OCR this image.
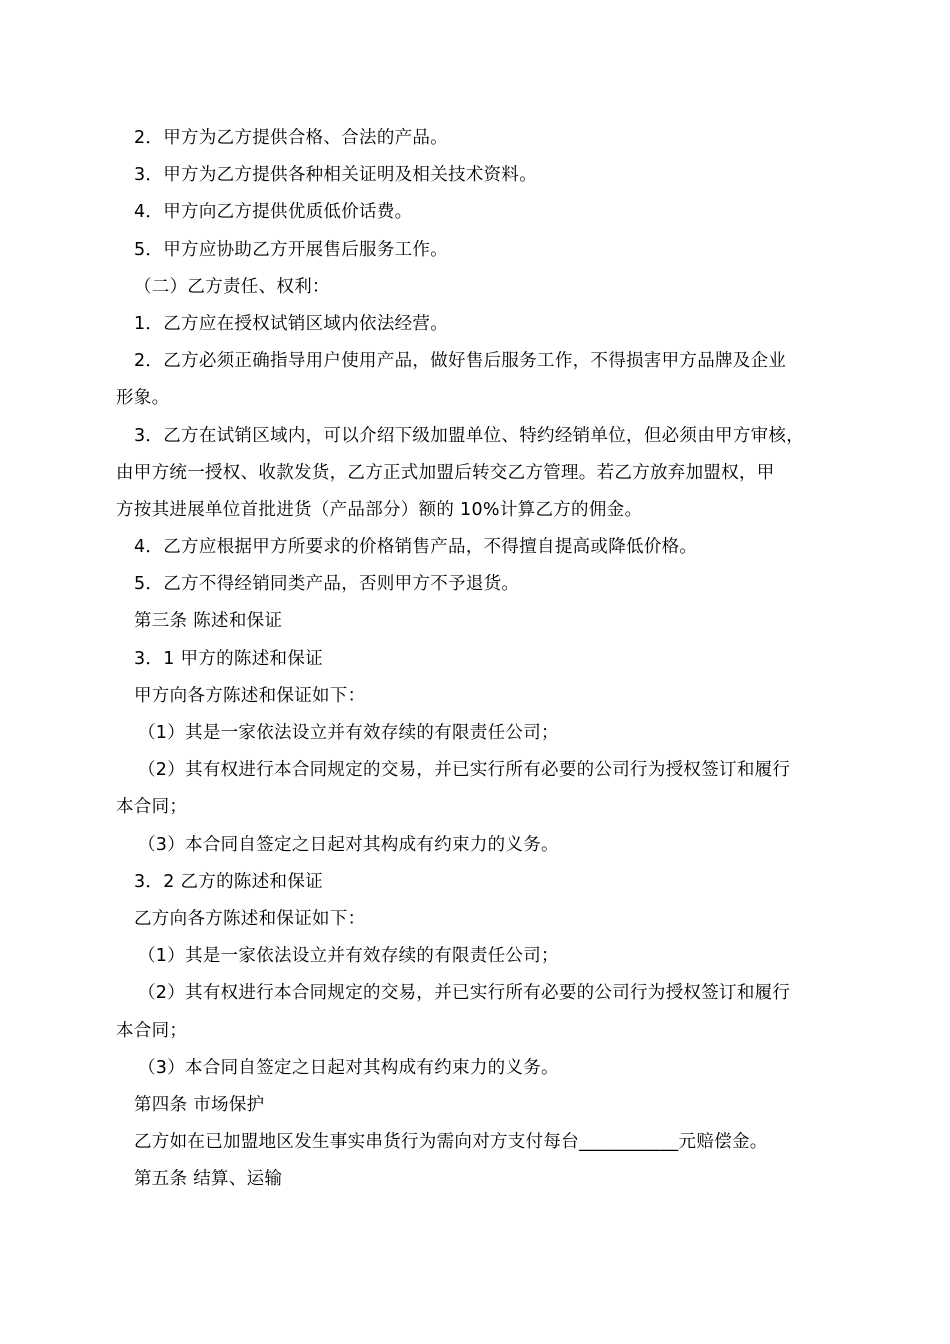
2．甲方为乙方提供合格、合法的产品。
3．甲方为乙方提供各种相关证明及相关技术资料。
4．甲方向乙方提供优质低价话费。
5．甲方应协助乙方开展售后服务工作。
（二）乙方责任、权利：
1．乙方应在授权试销区域内依法经营。
2．乙方必须正确指导用户使用产品，做好售后服务工作，不得损害甲方品牌及企业
形象。
3．乙方在试销区域内，可以介绍下级加盟单位、特约经销单位，但必须由甲方审核，
由甲方统一授权、收款发货，乙方正式加盟后转交乙方管理。若乙方放弃加盟权，甲
方按其进展单位首批进货（产品部分）额的 10%计算乙方的佣金。
4．乙方应根据甲方所要求的价格销售产品，不得擅自提高或降低价格。
5．乙方不得经销同类产品，否则甲方不予退货。
第三条 陈述和保证
3．1 甲方的陈述和保证
甲方向各方陈述和保证如下：
（1）其是一家依法设立并有效存续的有限责任公司；
（2）其有权进行本合同规定的交易，并已实行所有必要的公司行为授权签订和履行
本合同；
（3）本合同自签定之日起对其构成有约束力的义务。
3．2 乙方的陈述和保证
乙方向各方陈述和保证如下：
（1）其是一家依法设立并有效存续的有限责任公司；
（2）其有权进行本合同规定的交易，并已实行所有必要的公司行为授权签订和履行
本合同；
（3）本合同自签定之日起对其构成有约束力的义务。
第四条 市场保护
乙方如在已加盟地区发生事实串货行为需向对方支付每台___________元赔偿金。
第五条 结算、运输
